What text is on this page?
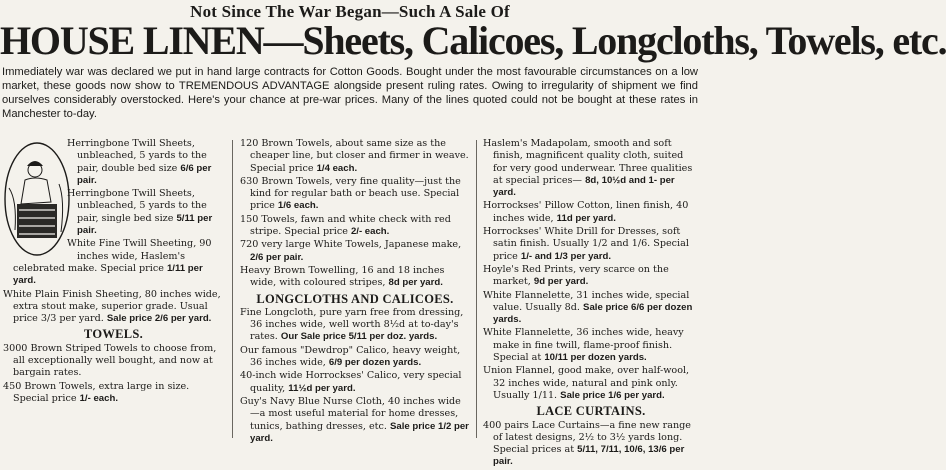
Not Since The War Began—Such A Sale Of
HOUSE LINEN—Sheets, Calicoes, Longcloths, Towels, etc.
Immediately war was declared we put in hand large contracts for Cotton Goods. Bought under the most favourable circumstances on a low market, these goods now show to TREMENDOUS ADVANTAGE alongside present ruling rates. Owing to irregularity of shipment we find ourselves considerably overstocked. Here's your chance at pre-war prices. Many of the lines quoted could not be bought at these rates in Manchester to-day.
Herringbone Twill Sheets, unbleached, 5 yards to the pair, double bed size 6/6 per pair.
Herringbone Twill Sheets, unbleached, 5 yards to the pair, single bed size 5/11 per pair.
White Fine Twill Sheeting, 90 inches wide, Haslem's celebrated make. Special price 1/11 per yard.
White Plain Finish Sheeting, 80 inches wide, extra stout make, superior grade. Usual price 3/3 per yard. Sale price 2/6 per yard.
TOWELS.
3000 Brown Striped Towels to choose from, all exceptionally well bought, and now at bargain rates.
450 Brown Towels, extra large in size. Special price 1/- each.
120 Brown Towels, about same size as the cheaper line, but closer and firmer in weave. Special price 1/4 each.
630 Brown Towels, very fine quality—just the kind for regular bath or beach use. Special price 1/6 each.
150 Towels, fawn and white check with red stripe. Special price 2/- each.
720 very large White Towels, Japanese make, 2/6 per pair.
Heavy Brown Towelling, 16 and 18 inches wide, with coloured stripes, 8d per yard.
LONGCLOTHS AND CALICOES.
Fine Longcloth, pure yarn free from dressing, 36 inches wide, well worth 8½d at to-day's rates. Our Sale price 5/11 per doz. yards.
Our famous "Dewdrop" Calico, heavy weight, 36 inches wide, 6/9 per dozen yards.
40-inch wide Horrockses' Calico, very special quality, 11½d per yard.
Guy's Navy Blue Nurse Cloth, 40 inches wide—a most useful material for home dresses, tunics, bathing dresses, etc. Sale price 1/2 per yard.
Haslem's Madapolam, smooth and soft finish, magnificent quality cloth, suited for very good underwear. Three qualities at special prices— 8d, 10½d and 1- per yard.
Horrockses' Pillow Cotton, linen finish, 40 inches wide, 11d per yard.
Horrockses' White Drill for Dresses, soft satin finish. Usually 1/2 and 1/6. Special price 1/- and 1/3 per yard.
Hoyle's Red Prints, very scarce on the market, 9d per yard.
White Flannelette, 31 inches wide, special value. Usually 8d. Sale price 6/6 per dozen yards.
White Flannelette, 36 inches wide, heavy make in fine twill, flame-proof finish. Special at 10/11 per dozen yards.
Union Flannel, good make, over half-wool, 32 inches wide, natural and pink only. Usually 1/11. Sale price 1/6 per yard.
LACE CURTAINS.
400 pairs Lace Curtains—a fine new range of latest designs, 2½ to 3½ yards long. Special prices at 5/11, 7/11, 10/6, 13/6 per pair.
